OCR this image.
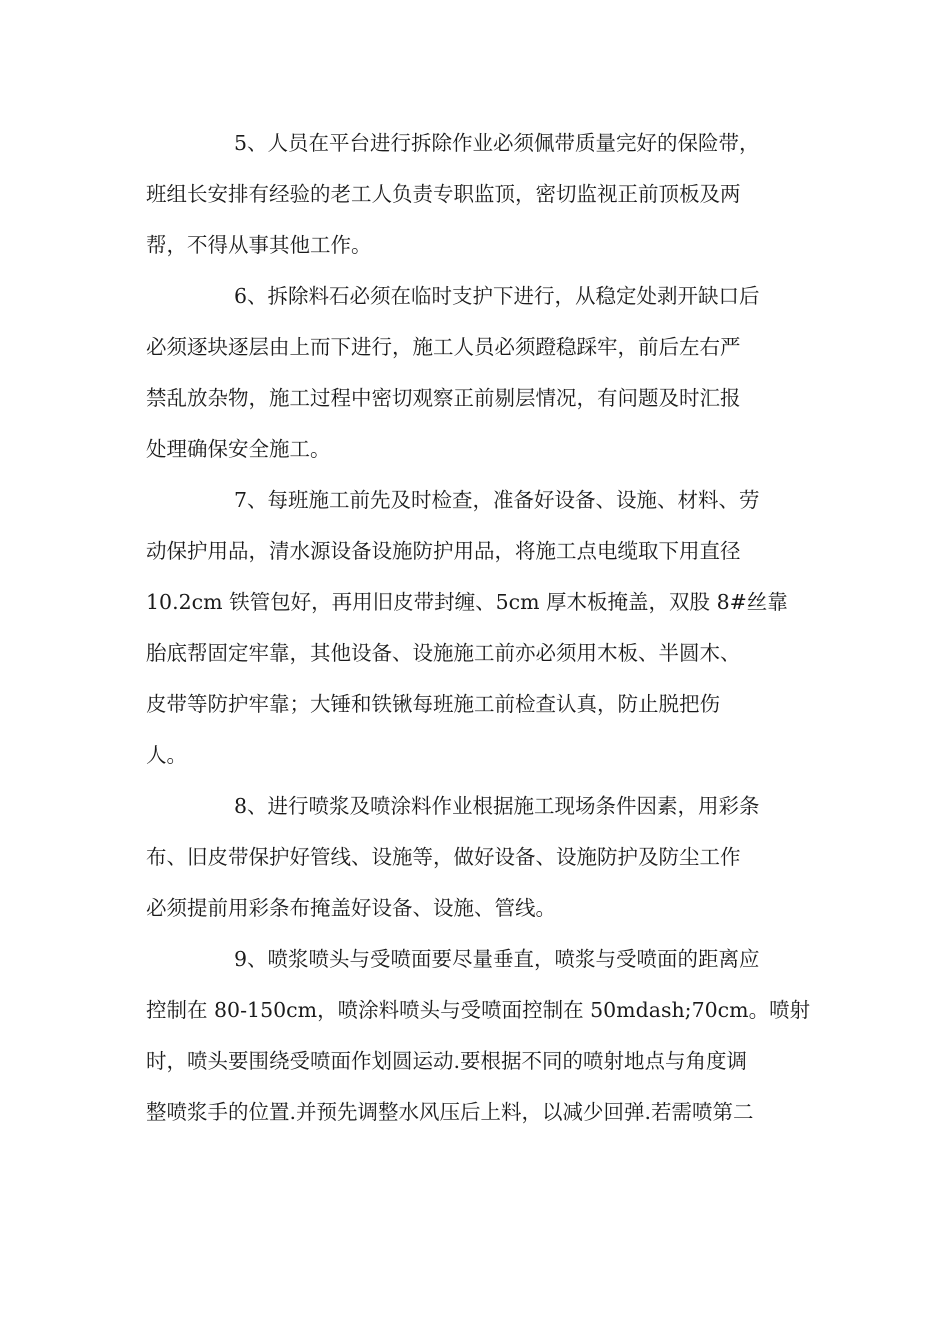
5、人员在平台进行拆除作业必须佩带质量完好的保险带，
班组长安排有经验的老工人负责专职监顶，密切监视正前顶板及两
帮，不得从事其他工作。

6、拆除料石必须在临时支护下进行，从稳定处剥开缺口后
必须逐块逐层由上而下进行，施工人员必须蹬稳踩牢，前后左右严
禁乱放杂物，施工过程中密切观察正前剔层情况，有问题及时汇报
处理确保安全施工。

7、每班施工前先及时检查，准备好设备、设施、材料、劳
动保护用品，清水源设备设施防护用品，将施工点电缆取下用直径
10.2cm 铁管包好，再用旧皮带封缠、5cm 厚木板掩盖，双股 8#丝靠
胎底帮固定牢靠，其他设备、设施施工前亦必须用木板、半圆木、
皮带等防护牢靠；大锤和铁锹每班施工前检查认真，防止脱把伤
人。

8、进行喷浆及喷涂料作业根据施工现场条件因素，用彩条
布、旧皮带保护好管线、设施等，做好设备、设施防护及防尘工作
必须提前用彩条布掩盖好设备、设施、管线。

9、喷浆喷头与受喷面要尽量垂直，喷浆与受喷面的距离应
控制在 80-150cm，喷涂料喷头与受喷面控制在 50mdash;70cm。喷射
时，喷头要围绕受喷面作划圆运动.要根据不同的喷射地点与角度调
整喷浆手的位置.并预先调整水风压后上料，以减少回弹.若需喷第二
